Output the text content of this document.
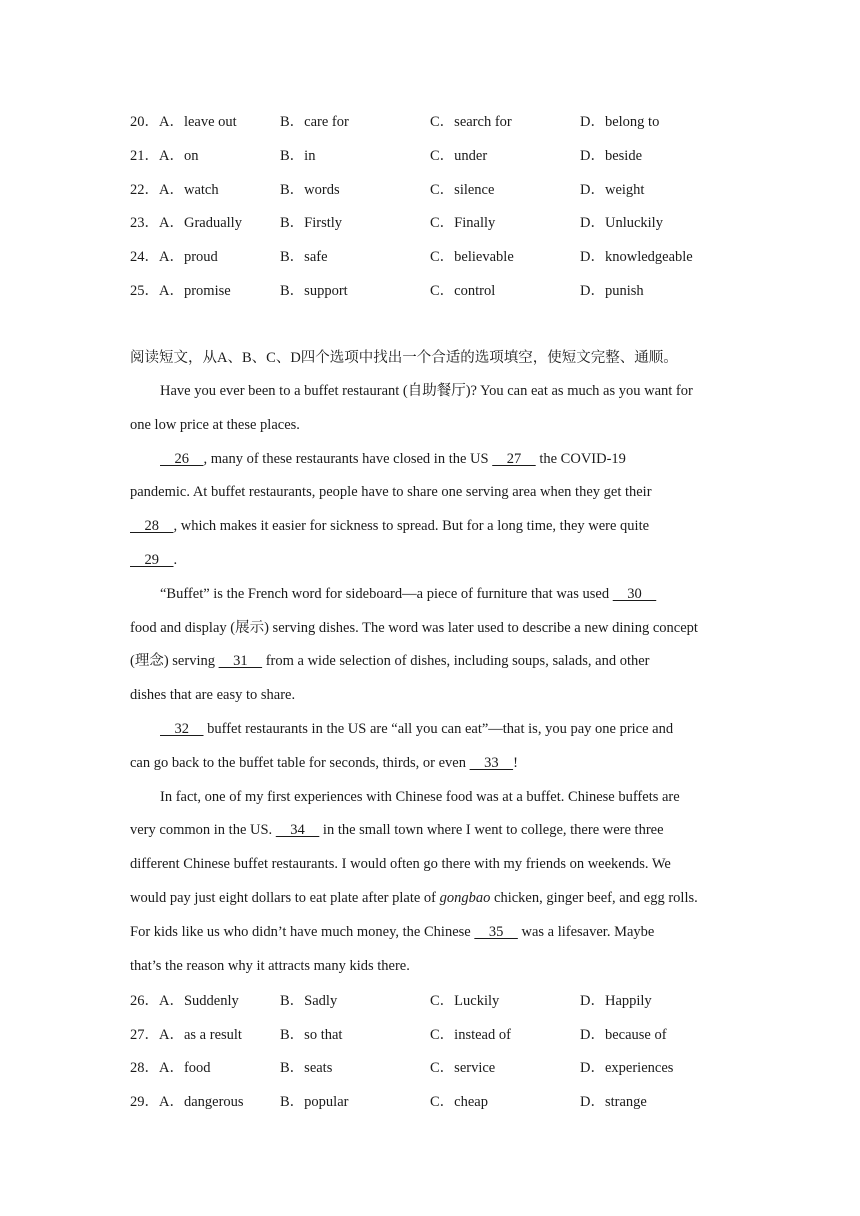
20．A．leave out	B．care for	C．search for	D．belong to
21．A．on	B．in	C．under	D．beside
22．A．watch	B．words	C．silence	D．weight
23．A．Gradually	B．Firstly	C．Finally	D．Unluckily
24．A．proud	B．safe	C．believable	D．knowledgeable
25．A．promise	B．support	C．control	D．punish
阅读短文，从A、B、C、D四个选项中找出一个合适的选项填空，使短文完整、通顺。
Have you ever been to a buffet restaurant (自助餐厅)? You can eat as much as you want for
one low price at these places.
26    , many of these restaurants have closed in the US     27     the COVID-19
pandemic. At buffet restaurants, people have to share one serving area when they get their
28    , which makes it easier for sickness to spread. But for a long time, they were quite
29    .
“Buffet” is the French word for sideboard—a piece of furniture that was used     30
food and display (展示) serving dishes. The word was later used to describe a new dining concept
(理念) serving     31     from a wide selection of dishes, including soups, salads, and other
dishes that are easy to share.
32     buffet restaurants in the US are “all you can eat”—that is, you pay one price and
can go back to the buffet table for seconds, thirds, or even     33    !
In fact, one of my first experiences with Chinese food was at a buffet. Chinese buffets are
very common in the US.     34     in the small town where I went to college, there were three
different Chinese buffet restaurants. I would often go there with my friends on weekends. We
would pay just eight dollars to eat plate after plate of gongbao chicken, ginger beef, and egg rolls.
For kids like us who didn’t have much money, the Chinese     35     was a lifesaver. Maybe
that’s the reason why it attracts many kids there.
26．A．Suddenly	B．Sadly	C．Luckily	D．Happily
27．A．as a result	B．so that	C．instead of	D．because of
28．A．food	B．seats	C．service	D．experiences
29．A．dangerous	B．popular	C．cheap	D．strange
